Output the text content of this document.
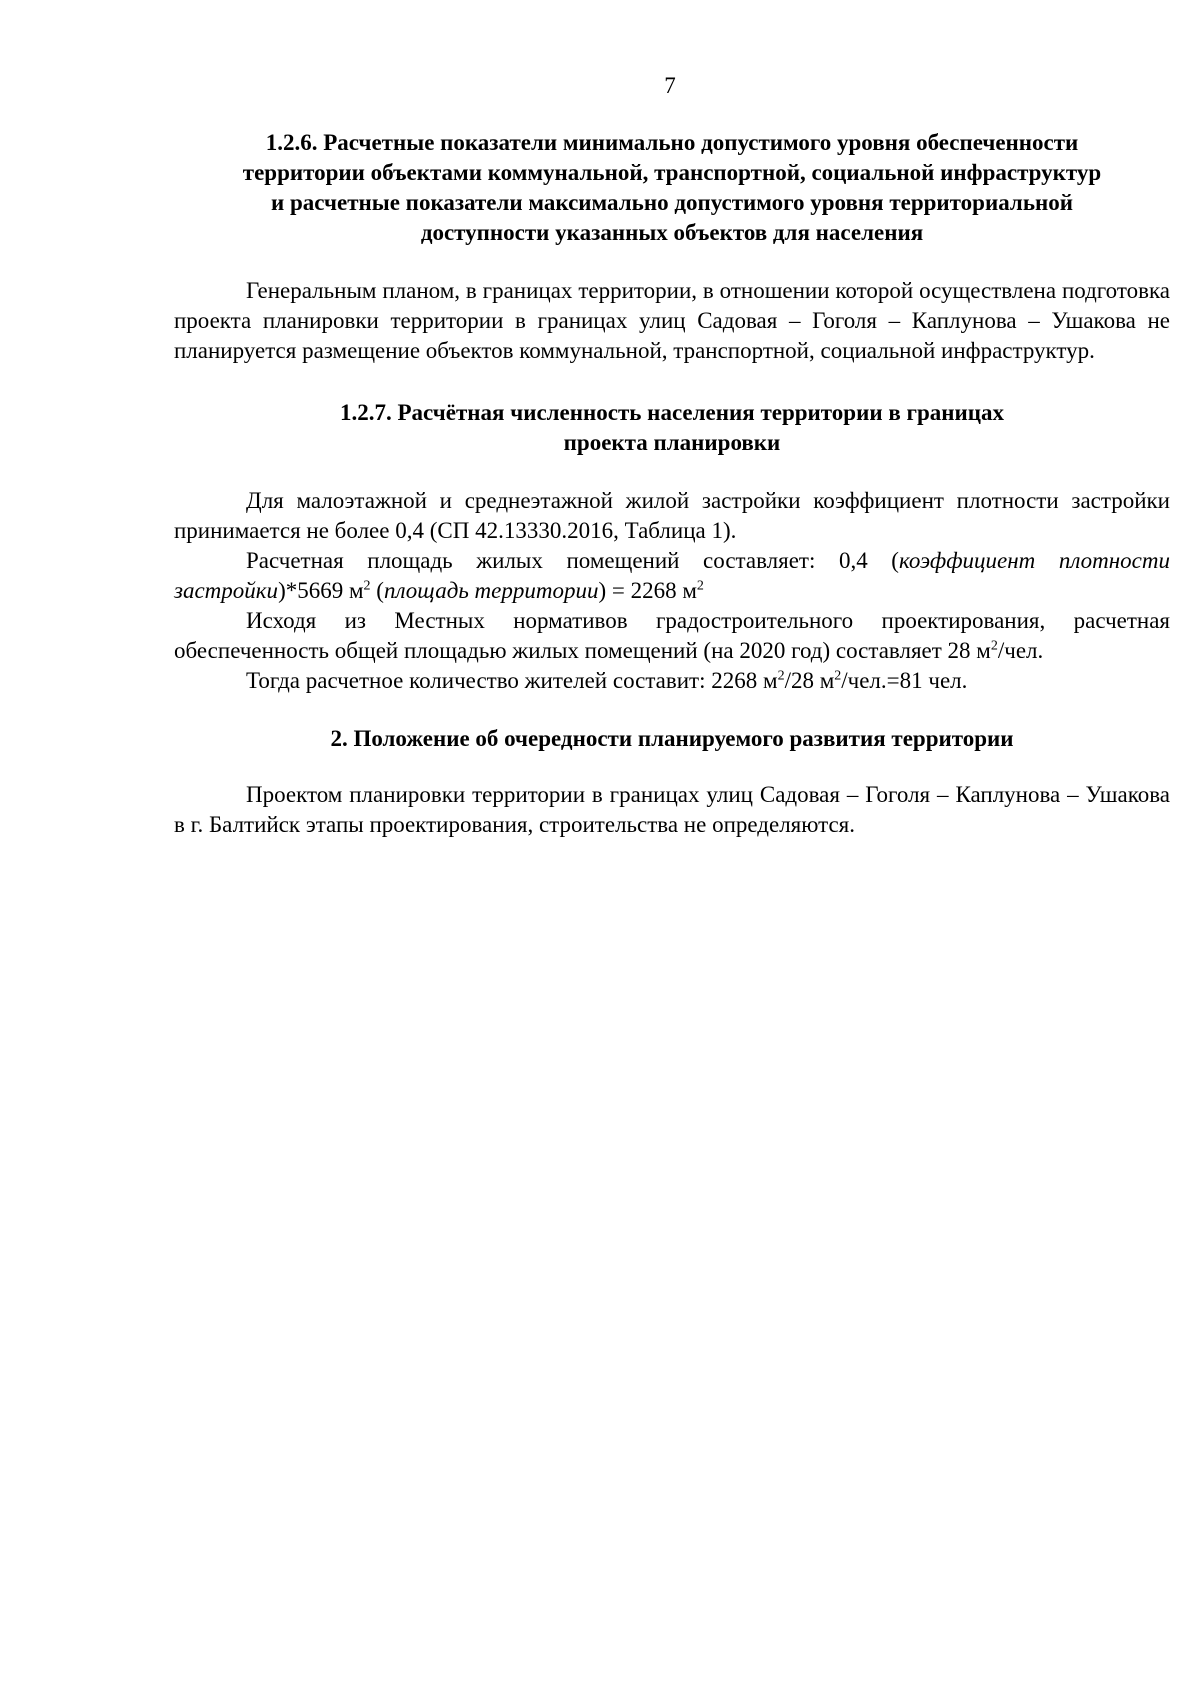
7
1.2.6. Расчетные показатели минимально допустимого уровня обеспеченности
территории объектами коммунальной, транспортной, социальной инфраструктур
и расчетные показатели максимально допустимого уровня территориальной
доступности указанных объектов для населения

Генеральным планом, в границах территории, в отношении которой осуществлена подготовка проекта планировки территории в границах улиц Садовая – Гоголя – Каплунова – Ушакова не планируется размещение объектов коммунальной, транспортной, социальной инфраструктур.

1.2.7. Расчётная численность населения территории в границах
проекта планировки

Для малоэтажной и среднеэтажной жилой застройки коэффициент плотности застройки принимается не более 0,4 (СП 42.13330.2016, Таблица 1).

Расчетная площадь жилых помещений составляет: 0,4 (коэффициент плотности застройки)*5669 $м^2$ (площадь территории) = 2268 $м^2$

Исходя из Местных нормативов градостроительного проектирования, расчетная обеспеченность общей площадью жилых помещений (на 2020 год) составляет 28 $м^2$/чел.

Тогда расчетное количество жителей составит: 2268 $м^2/28$ $м^2/чел.=81$ чел.

2. Положение об очередности планируемого развития территории

Проектом планировки территории в границах улиц Садовая – Гоголя – Каплунова – Ушакова в г. Балтийск этапы проектирования, строительства не определяются.
